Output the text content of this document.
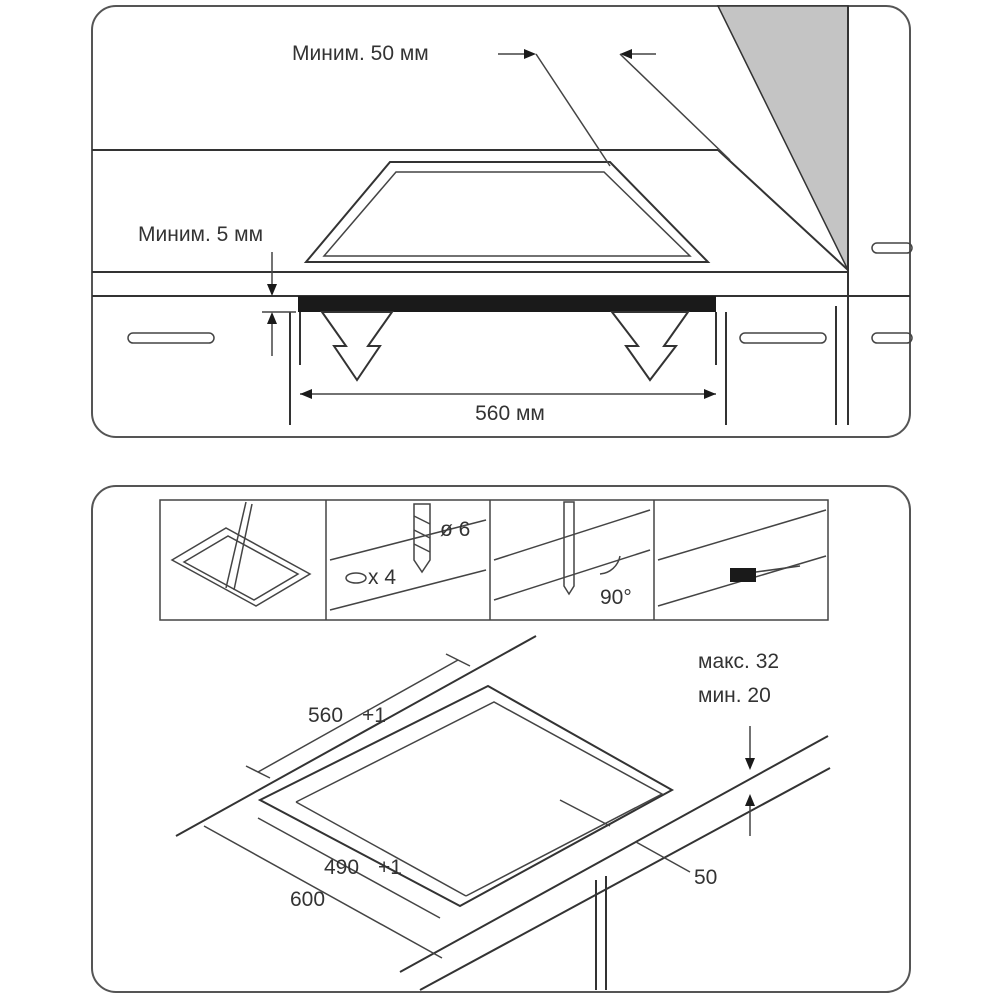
560 мм
Миним. 5 мм
Миним. 50 мм
ø 6
x 4
90°
560 +1
490 +1
600
50
макс. 32
мин. 20
